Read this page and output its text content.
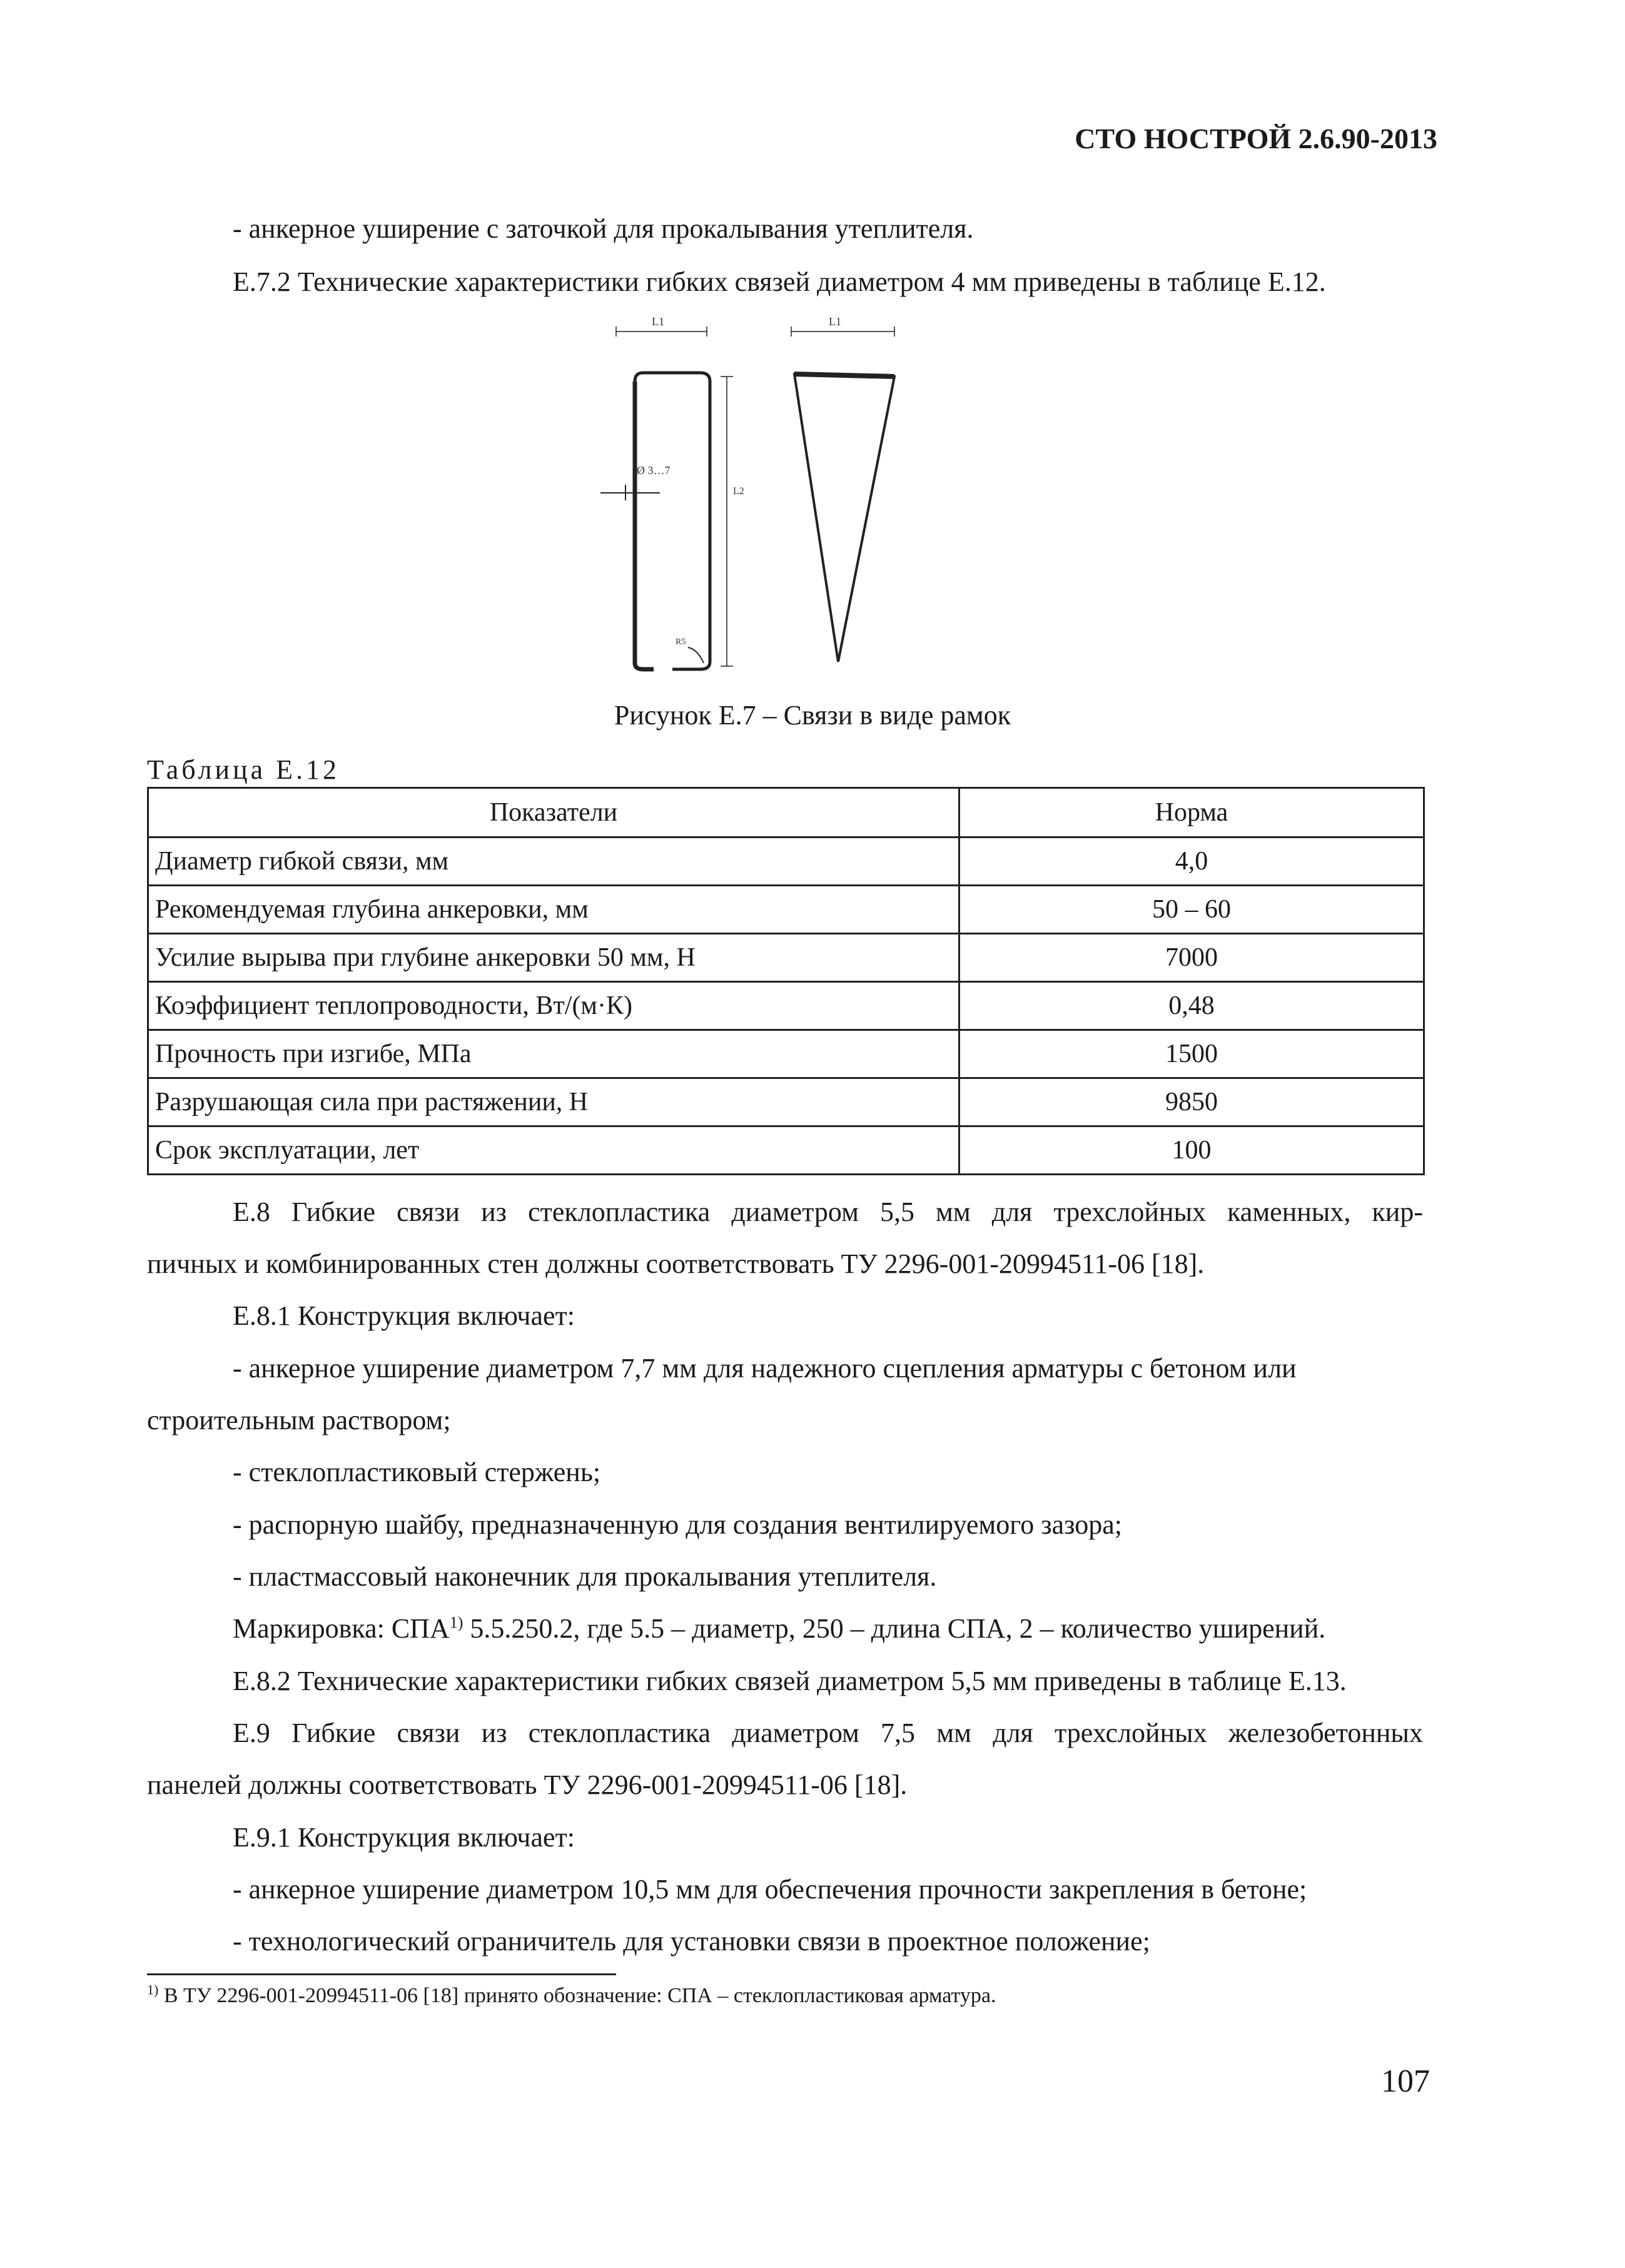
СТО НОСТРОЙ 2.6.90-2013
- анкерное уширение с заточкой для прокалывания утеплителя.
Е.7.2 Технические характеристики гибких связей диаметром 4 мм приведены в таблице Е.12.
L1
Ø 3…7
R5
L2
L1
Рисунок Е.7 – Связи в виде рамок
Таблица Е.12
Показатели	Норма
Диаметр гибкой связи, мм	4,0
Рекомендуемая глубина анкеровки, мм	50 – 60
Усилие вырыва при глубине анкеровки 50 мм, Н	7000
Коэффициент теплопроводности, Вт/(м·К)	0,48
Прочность при изгибе, МПа	1500
Разрушающая сила при растяжении, Н	9850
Срок эксплуатации, лет	100
Е.8 Гибкие связи из стеклопластика диаметром 5,5 мм для трехслойных каменных, кир-
пичных и комбинированных стен должны соответствовать ТУ 2296-001-20994511-06 [18].
Е.8.1 Конструкция включает:
- анкерное уширение диаметром 7,7 мм для надежного сцепления арматуры с бетоном или
строительным раствором;
- стеклопластиковый стержень;
- распорную шайбу, предназначенную для создания вентилируемого зазора;
- пластмассовый наконечник для прокалывания утеплителя.
Маркировка: СПА$^{1)}$ 5.5.250.2, где 5.5 – диаметр, 250 – длина СПА, 2 – количество уширений.
Е.8.2 Технические характеристики гибких связей диаметром 5,5 мм приведены в таблице Е.13.
Е.9 Гибкие связи из стеклопластика диаметром 7,5 мм для трехслойных железобетонных
панелей должны соответствовать ТУ 2296-001-20994511-06 [18].
Е.9.1 Конструкция включает:
- анкерное уширение диаметром 10,5 мм для обеспечения прочности закрепления в бетоне;
- технологический ограничитель для установки связи в проектное положение;
$^{1)}$ В ТУ 2296-001-20994511-06 [18] принято обозначение: СПА – стеклопластиковая арматура.
107
